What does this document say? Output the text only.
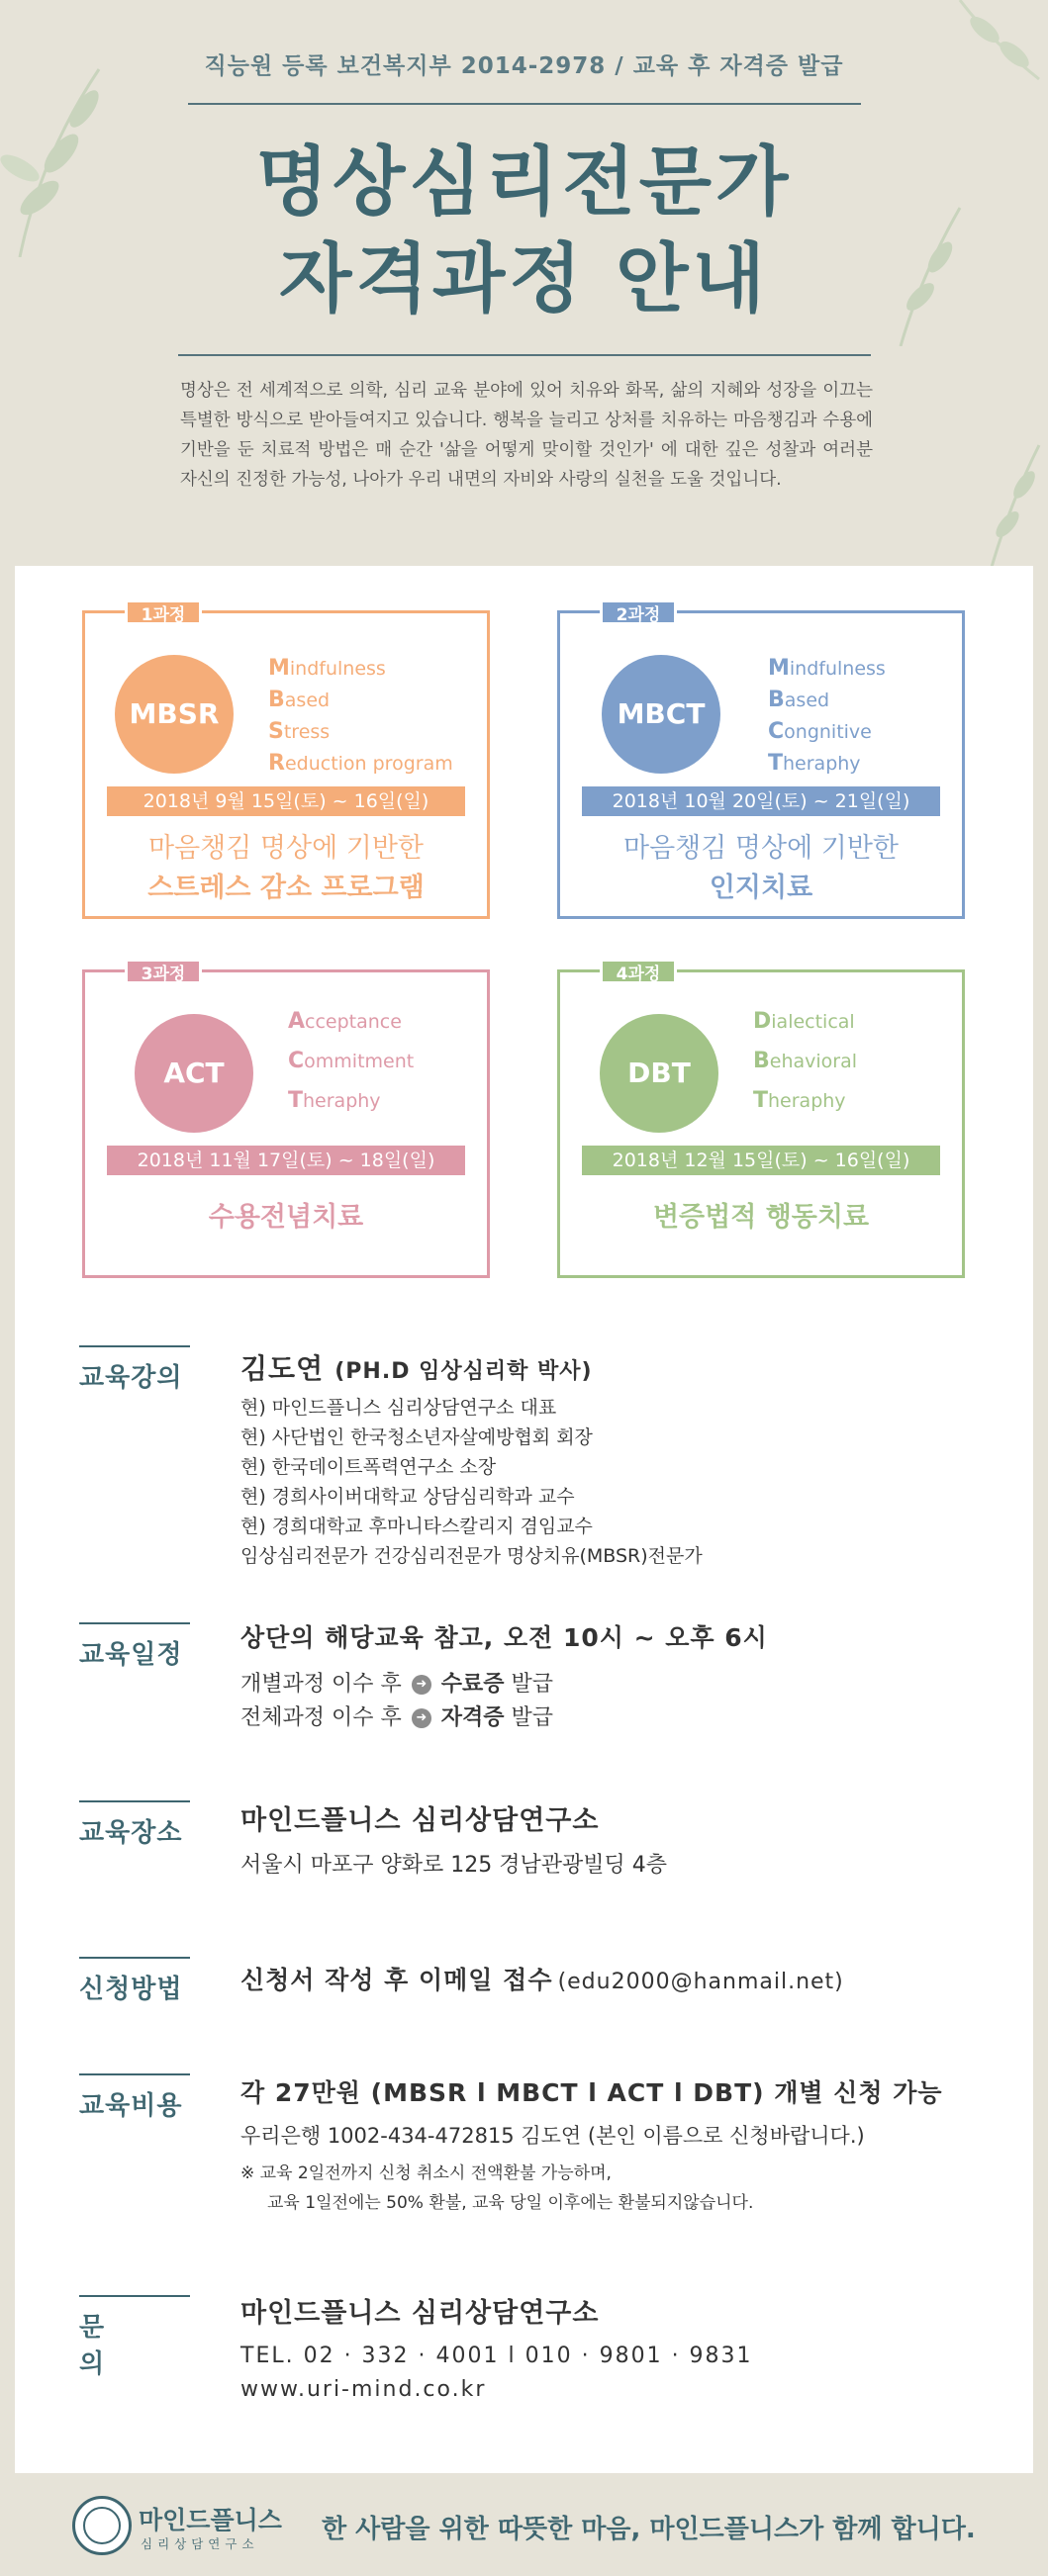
직능원 등록 보건복지부 2014-2978 / 교육 후 자격증 발급
명상심리전문가
자격과정 안내
명상은 전 세계적으로 의학, 심리 교육 분야에 있어 치유와 화목, 삶의 지혜와 성장을 이끄는 특별한 방식으로 받아들여지고 있습니다. 행복을 늘리고 상처를 치유하는 마음챙김과 수용에 기반을 둔 치료적 방법은 매 순간 '삶을 어떻게 맞이할 것인가' 에 대한 깊은 성찰과 여러분 자신의 진정한 가능성, 나아가 우리 내면의 자비와 사랑의 실천을 도울 것입니다.
1과정
MBSR
Mindfulness
Based
Stress
Reduction program
2018년 9월 15일(토) ~ 16일(일)
마음챙김 명상에 기반한
스트레스 감소 프로그램
2과정
MBCT
Mindfulness
Based
Congnitive
Theraphy
2018년 10월 20일(토) ~ 21일(일)
마음챙김 명상에 기반한
인지치료
3과정
ACT
Acceptance
Commitment
Theraphy
2018년 11월 17일(토) ~ 18일(일)
수용전념치료
4과정
DBT
Dialectical
Behavioral
Theraphy
2018년 12월 15일(토) ~ 16일(일)
변증법적 행동치료
교육강의 김도연 (PH.D 임상심리학 박사)
현) 마인드플니스 심리상담연구소 대표
현) 사단법인 한국청소년자살예방협회 회장
현) 한국데이트폭력연구소 소장
현) 경희사이버대학교 상담심리학과 교수
현) 경희대학교 후마니타스칼리지 겸임교수
임상심리전문가 건강심리전문가 명상치유(MBSR)전문가
교육일정
상단의 해당교육 참고, 오전 10시 ~ 오후 6시
개별과정 이수 후 ➜ 수료증 발급
전체과정 이수 후 ➜ 자격증 발급
교육장소 마인드플니스 심리상담연구소
서울시 마포구 양화로 125 경남관광빌딩 4층
신청방법	신청서 작성 후 이메일 접수 (edu2000@hanmail.net)
교육비용	각 27만원 (MBSR l MBCT l ACT l DBT) 개별 신청 가능
우리은행 1002-434-472815 김도연 (본인 이름으로 신청바랍니다.)
※ 교육 2일전까지 신청 취소시 전액환불 가능하며,
교육 1일전에는 50% 환불, 교육 당일 이후에는 환불되지않습니다.
문 의
마인드플니스 심리상담연구소
TEL. 02 · 332 · 4001 l 010 · 9801 · 9831
www.uri-mind.co.kr
마인드플니스
심리상담연구소 한 사람을 위한 따뜻한 마음, 마인드플니스가 함께 합니다.
